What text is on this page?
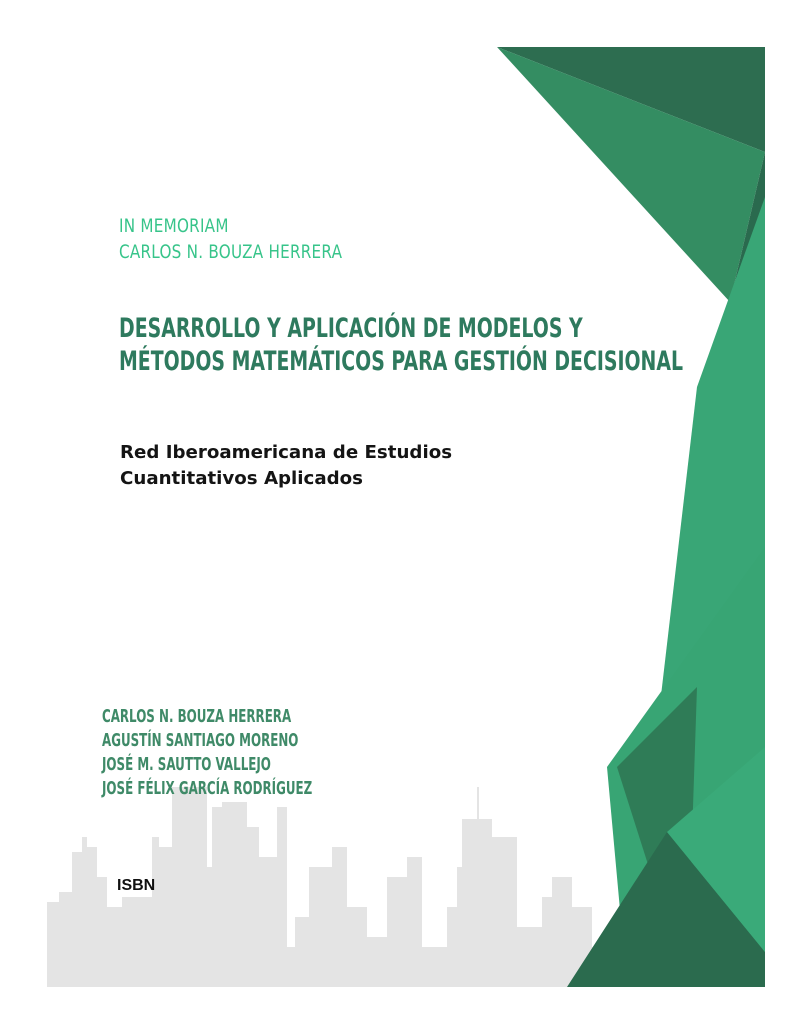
IN MEMORIAM
CARLOS N. BOUZA HERRERA
DESARROLLO Y APLICACIÓN DE MODELOS Y
MÉTODOS MATEMÁTICOS PARA GESTIÓN DECISIONAL
Red Iberoamericana de Estudios
Cuantitativos Aplicados
CARLOS N. BOUZA HERRERA
AGUSTÍN SANTIAGO MORENO
JOSÉ M. SAUTTO VALLEJO
JOSÉ FÉLIX GARCÍA RODRÍGUEZ
ISBN
